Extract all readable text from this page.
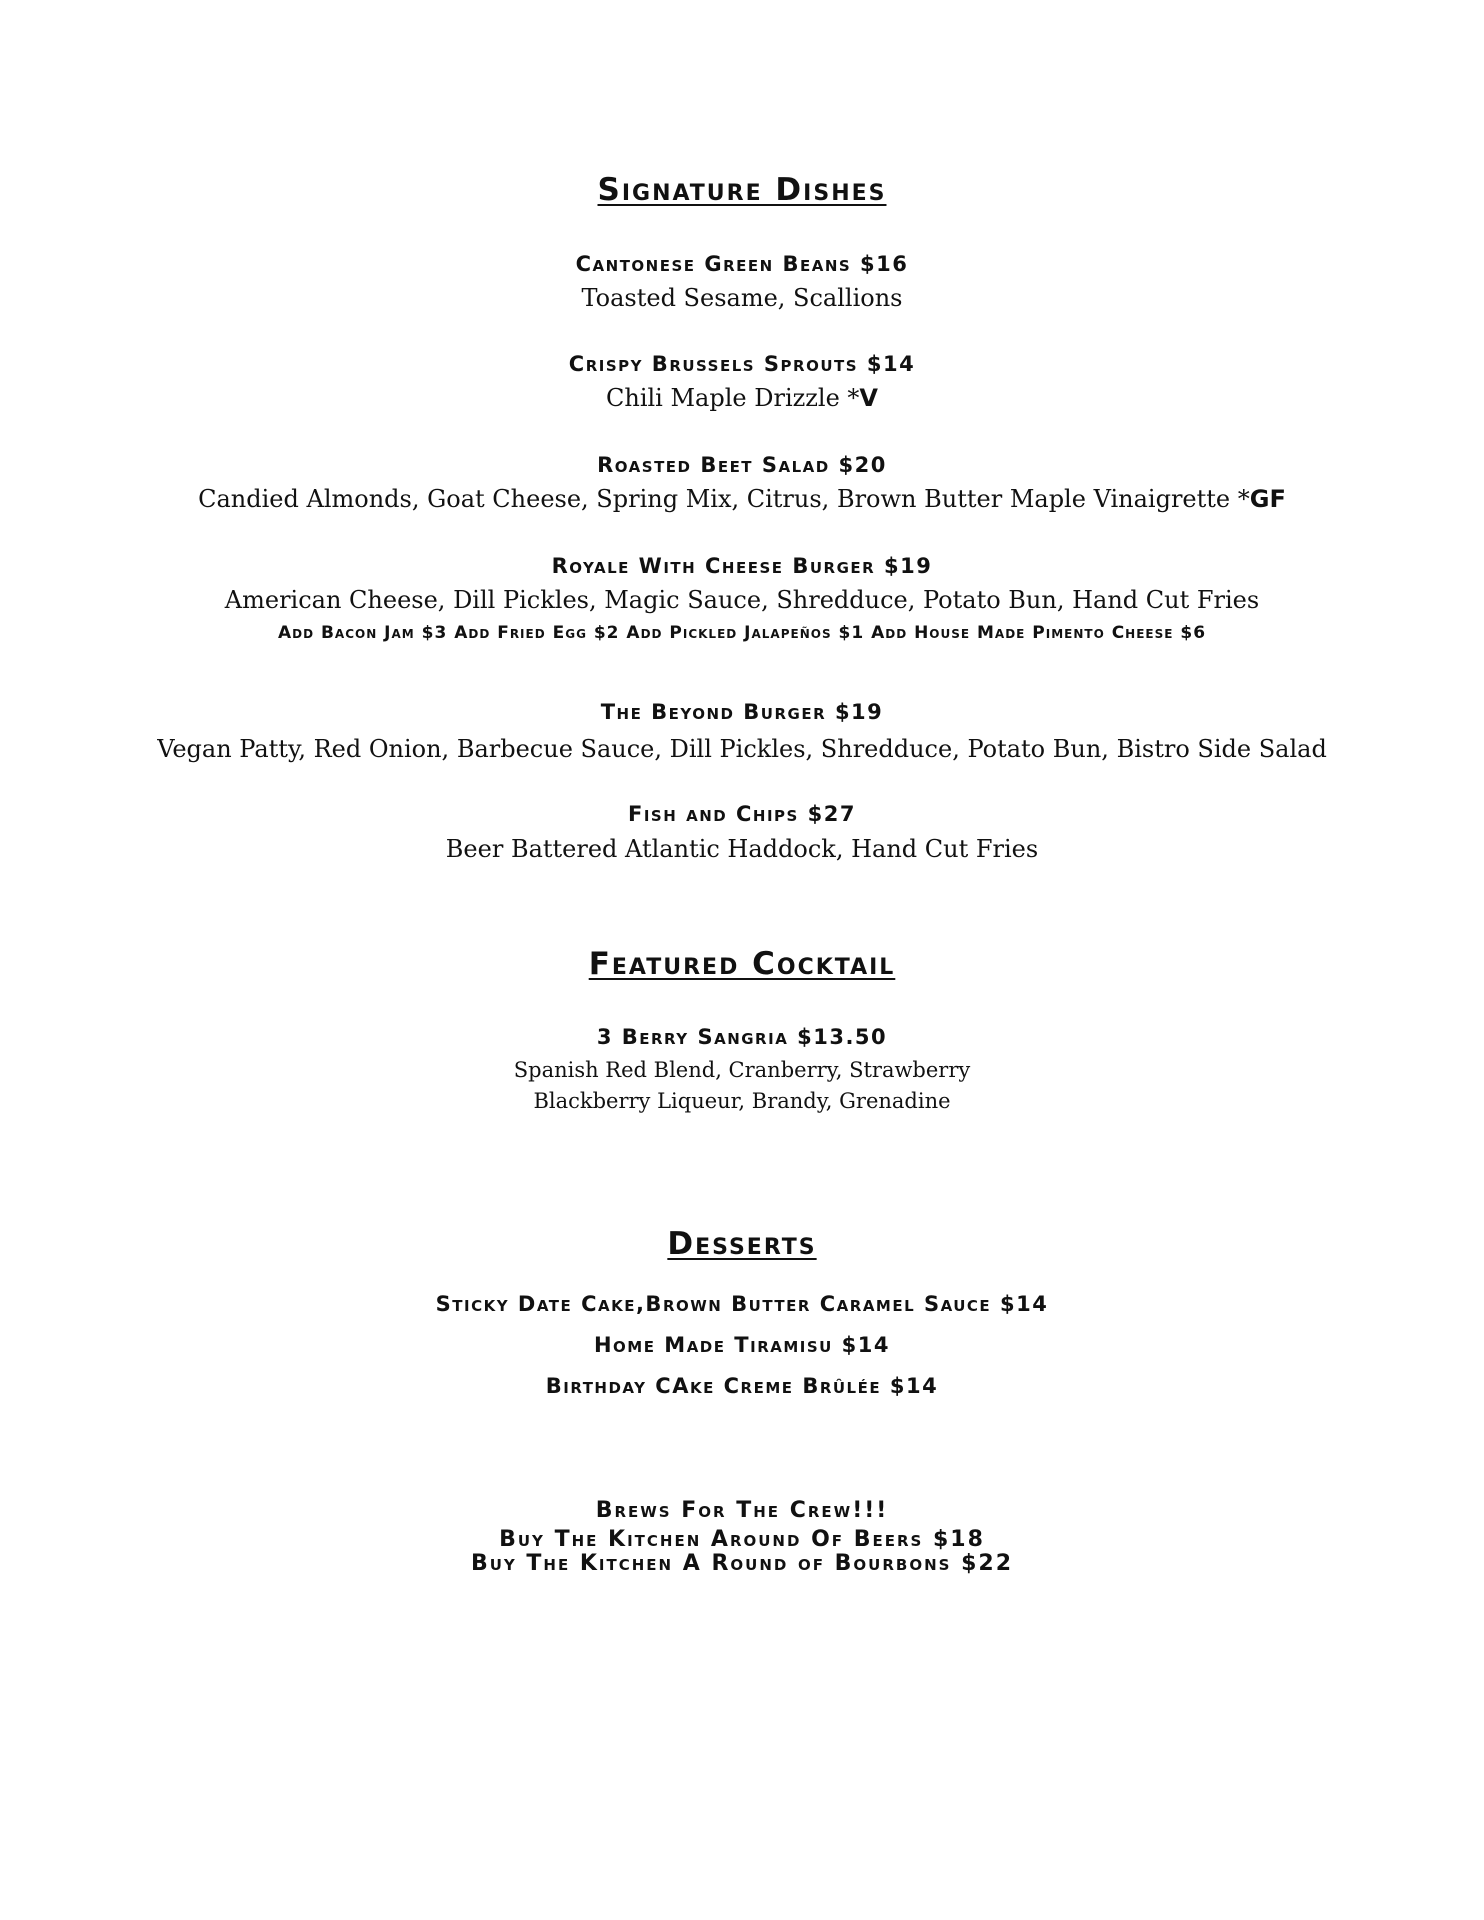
Signature Dishes
Cantonese Green Beans $16
Toasted Sesame, Scallions
Crispy Brussels Sprouts $14
Chili Maple Drizzle *V
Roasted Beet Salad $20
Candied Almonds, Goat Cheese, Spring Mix, Citrus, Brown Butter Maple Vinaigrette *GF
Royale With Cheese Burger $19
American Cheese, Dill Pickles, Magic Sauce, Shredduce, Potato Bun, Hand Cut Fries
Add Bacon Jam $3 Add Fried Egg $2 Add Pickled Jalapeños $1 Add House Made Pimento Cheese $6
The Beyond Burger $19
Vegan Patty, Red Onion, Barbecue Sauce, Dill Pickles, Shredduce, Potato Bun, Bistro Side Salad
Fish and Chips $27
Beer Battered Atlantic Haddock, Hand Cut Fries
Featured Cocktail
3 Berry Sangria $13.50
Spanish Red Blend, Cranberry, Strawberry
Blackberry Liqueur, Brandy, Grenadine
Desserts
Sticky Date Cake,Brown Butter Caramel Sauce $14
Home Made Tiramisu $14
Birthday CAke Creme Brûlée $14
Brews For The Crew!!!
Buy The Kitchen Around Of Beers $18
Buy The Kitchen A Round of Bourbons $22
